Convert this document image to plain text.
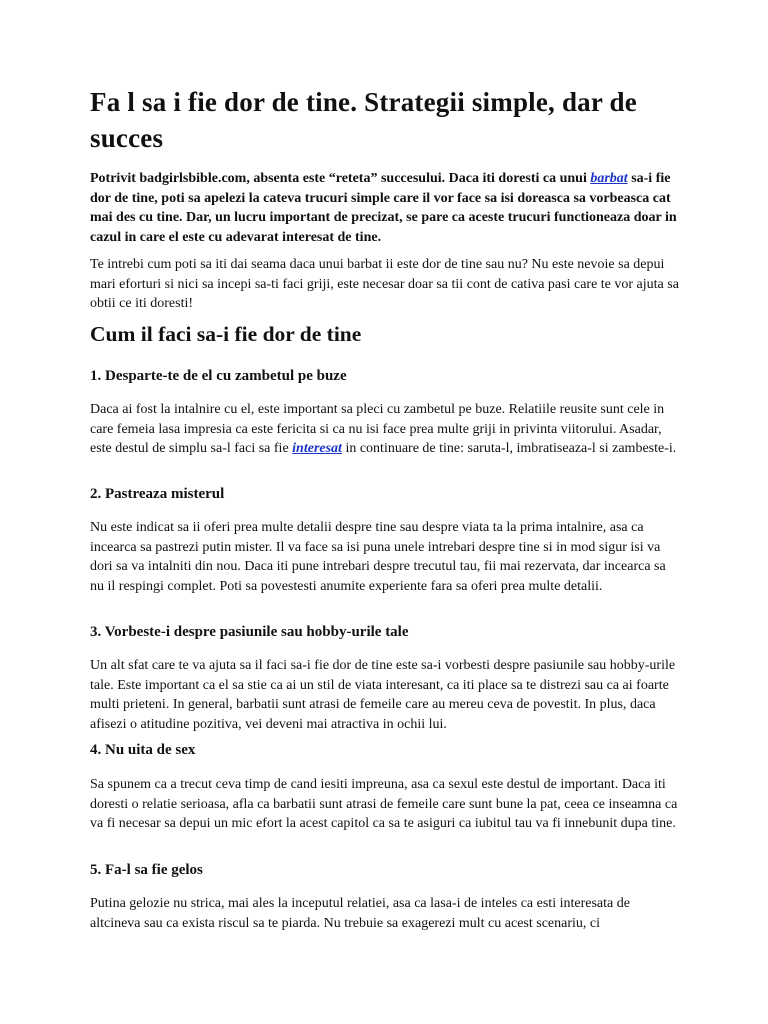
Fa l sa i fie dor de tine. Strategii simple, dar de succes

Potrivit badgirlsbible.com, absenta este “reteta” succesului. Daca iti doresti ca unui barbat sa-i fie dor de tine, poti sa apelezi la cateva trucuri simple care il vor face sa isi doreasca sa vorbeasca cat mai des cu tine. Dar, un lucru important de precizat, se pare ca aceste trucuri functioneaza doar in cazul in care el este cu adevarat interesat de tine.

Te intrebi cum poti sa iti dai seama daca unui barbat ii este dor de tine sau nu? Nu este nevoie sa depui mari eforturi si nici sa incepi sa-ti faci griji, este necesar doar sa tii cont de cativa pasi care te vor ajuta sa obtii ce iti doresti!

Cum il faci sa-i fie dor de tine
1. Desparte-te de el cu zambetul pe buze

Daca ai fost la intalnire cu el, este important sa pleci cu zambetul pe buze. Relatiile reusite sunt cele in care femeia lasa impresia ca este fericita si ca nu isi face prea multe griji in privinta viitorului. Asadar, este destul de simplu sa-l faci sa fie interesat in continuare de tine: saruta-l, imbratiseaza-l si zambeste-i.

2. Pastreaza misterul

Nu este indicat sa ii oferi prea multe detalii despre tine sau despre viata ta la prima intalnire, asa ca incearca sa pastrezi putin mister. Il va face sa isi puna unele intrebari despre tine si in mod sigur isi va dori sa va intalniti din nou. Daca iti pune intrebari despre trecutul tau, fii mai rezervata, dar incearca sa nu il respingi complet. Poti sa povestesti anumite experiente fara sa oferi prea multe detalii.

3. Vorbeste-i despre pasiunile sau hobby-urile tale

Un alt sfat care te va ajuta sa il faci sa-i fie dor de tine este sa-i vorbesti despre pasiunile sau hobby-urile tale. Este important ca el sa stie ca ai un stil de viata interesant, ca iti place sa te distrezi sau ca ai foarte multi prieteni. In general, barbatii sunt atrasi de femeile care au mereu ceva de povestit. In plus, daca afisezi o atitudine pozitiva, vei deveni mai atractiva in ochii lui.

4. Nu uita de sex

Sa spunem ca a trecut ceva timp de cand iesiti impreuna, asa ca sexul este destul de important. Daca iti doresti o relatie serioasa, afla ca barbatii sunt atrasi de femeile care sunt bune la pat, ceea ce inseamna ca va fi necesar sa depui un mic efort la acest capitol ca sa te asiguri ca iubitul tau va fi innebunit dupa tine.

5. Fa-l sa fie gelos

Putina gelozie nu strica, mai ales la inceputul relatiei, asa ca lasa-i de inteles ca esti interesata de altcineva sau ca exista riscul sa te piarda. Nu trebuie sa exagerezi mult cu acest scenariu, ci
